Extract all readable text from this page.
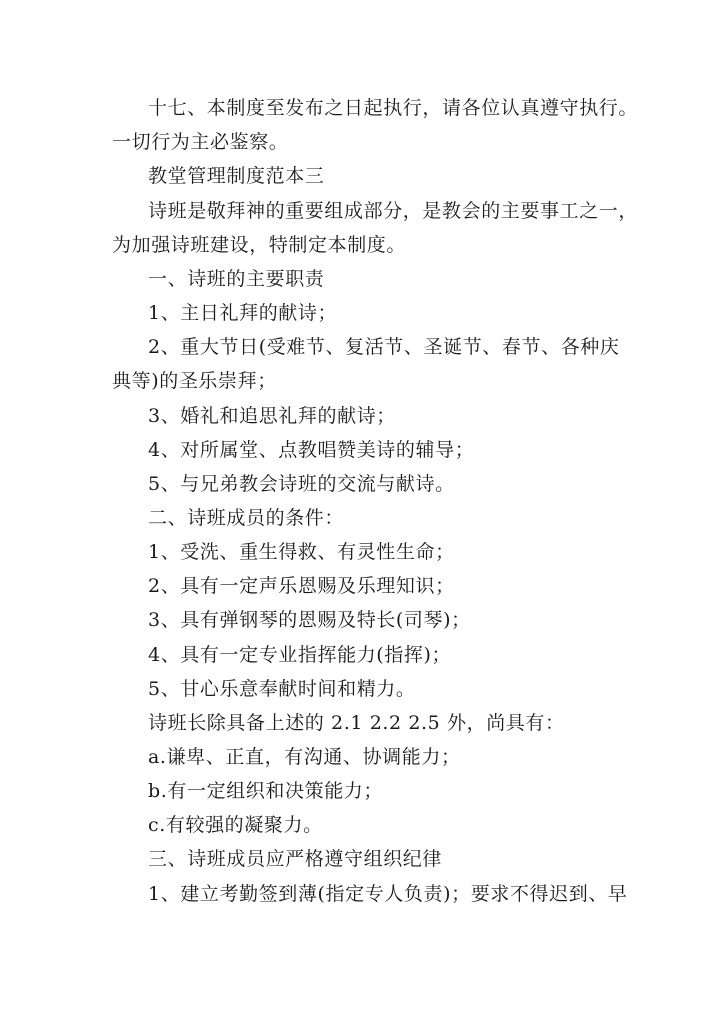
十七、本制度至发布之日起执行，请各位认真遵守执行。
一切行为主必鉴察。
教堂管理制度范本三
诗班是敬拜神的重要组成部分，是教会的主要事工之一，
为加强诗班建设，特制定本制度。
一、诗班的主要职责
1、主日礼拜的献诗；
2、重大节日(受难节、复活节、圣诞节、春节、各种庆
典等)的圣乐崇拜；
3、婚礼和追思礼拜的献诗；
4、对所属堂、点教唱赞美诗的辅导；
5、与兄弟教会诗班的交流与献诗。
二、诗班成员的条件：
1、受洗、重生得救、有灵性生命；
2、具有一定声乐恩赐及乐理知识；
3、具有弹钢琴的恩赐及特长(司琴)；
4、具有一定专业指挥能力(指挥)；
5、甘心乐意奉献时间和精力。
诗班长除具备上述的 2.1 2.2 2.5 外，尚具有：
a.谦卑、正直，有沟通、协调能力；
b.有一定组织和决策能力；
c.有较强的凝聚力。
三、诗班成员应严格遵守组织纪律
1、建立考勤签到薄(指定专人负责)；要求不得迟到、早
